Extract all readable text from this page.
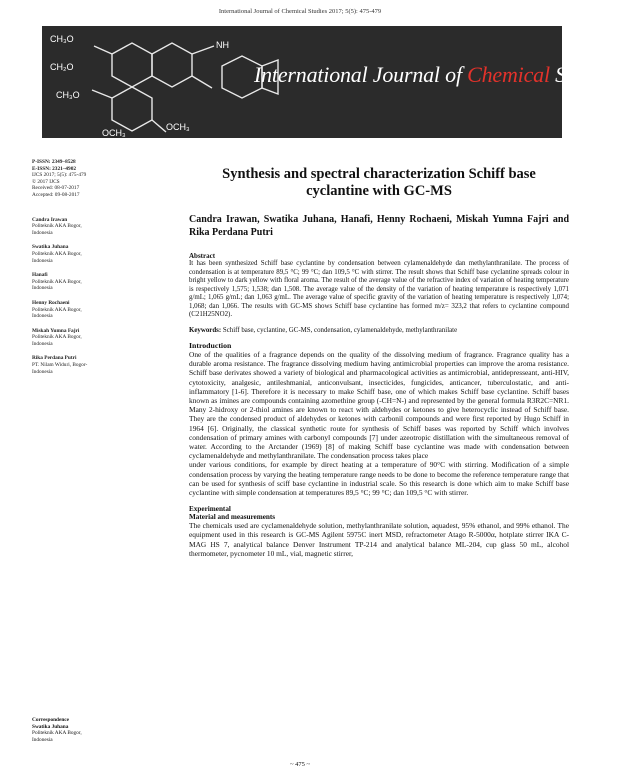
International Journal of Chemical Studies 2017; 5(5): 475-479
CH₃O
CH₂O
NH
OCH₃
CH₃O
OCH₃
International Journal of Chemical Studies
P-ISSN: 2349–8528
E-ISSN: 2321–4902
IJCS 2017; 5(5): 475-479
© 2017 IJCS
Received: 08-07-2017
Accepted: 09-08-2017
Candra Irawan
Politeknik AKA Bogor,
Indonesia
Swatika Juhana
Politeknik AKA Bogor,
Indonesia
Hanafi
Politeknik AKA Bogor,
Indonesia
Henny Rochaeni
Politeknik AKA Bogor,
Indonesia
Miskah Yumna Fajri
Politeknik AKA Bogor,
Indonesia
Rika Perdana Putri
PT. Nilam Widuri, Bogor-
Indonesia
Correspondence
Swatika Juhana
Politeknik AKA Bogor,
Indonesia
Synthesis and spectral characterization Schiff base cyclantine with GC-MS
Candra Irawan, Swatika Juhana, Hanafi, Henny Rochaeni, Miskah Yumna Fajri and Rika Perdana Putri
Abstract
It has been synthesized Schiff base cyclantine by condensation between cylamenaldehyde dan methylanthranilate. The process of condensation is at temperature 89,5 °C; 99 °C; dan 109,5 °C with stirrer. The result shows that Schiff base cyclantine spreads colour in bright yellow to dark yellow with floral aroma. The result of the average value of the refractive index of variation of heating temperature is respectively 1,575; 1,538; dan 1,508. The average value of the density of the variation of heating temperature is respectively 1,071 g/mL; 1,065 g/mL; dan 1,063 g/mL. The average value of specific gravity of the variation of heating temperature is respectively 1,074; 1,068; dan 1,066. The results with GC-MS shows Schiff base cyclantine has formed m/z= 323,2 that refers to cyclantine compound (C21H25NO2).
Keywords: Schiff base, cyclantine, GC-MS, condensation, cylamenaldehyde, methylanthranilate
Introduction
One of the qualities of a fragrance depends on the quality of the dissolving medium of fragrance. Fragrance quality has a durable aroma resistance. The fragrance dissolving medium having antimicrobial properties can improve the aroma resistance. Schiff base derivates showed a variety of biological and pharmacological activities as antimicrobial, antidepresseant, anti-HIV, cytotoxicity, analgesic, antileshmanial, anticonvulsant, insecticides, fungicides, anticancer, tuberculostatic, and anti-inflammatory [1-6]. Therefore it is necessary to make Schiff base, one of which makes Schiff base cyclantine. Schiff bases known as imines are compounds containing azomethine group (-CH=N-) and represented by the general formula R3R2C=NR1. Many 2-hidroxy or 2-thiol amines are known to react with aldehydes or ketones to give heterocyclic instead of Schiff base. They are the condensed product of aldehydes or ketones with carbonil compounds and were first reported by Hugo Schiff in 1964 [6]. Originally, the classical synthetic route for synthesis of Schiff bases was reported by Schiff which involves condensation of primary amines with carbonyl compounds [7] under azeotropic distillation with the simultaneous removal of water. According to the Arctander (1969) [8] of making Schiff base cyclantine was made with condensation between cyclamenaldehyde and methylanthranilate. The condensation process takes place
under various conditions, for example by direct heating at a temperature of 90°C with stirring. Modification of a simple condensation process by varying the heating temperature range needs to be done to become the reference temperature range that can be used for synthesis of sciff base cyclantine in industrial scale. So this research is done which aim to make Schiff base cyclantine with simple condensation at temperatures 89,5 °C; 99 °C; dan 109,5 °C with stirrer.
Experimental
Material and measurements
The chemicals used are cyclamenaldehyde solution, methylanthranilate solution, aquadest, 95% ethanol, and 99% ethanol. The equipment used in this research is GC-MS Agilent 5975C inert MSD, refractometer Atago R-5000α, hotplate stirrer IKA C-MAG HS 7, analytical balance Denver Instrument TP-214 and analytical balance ML-204, cup glass 50 mL, alcohol thermometer, pycnometer 10 mL, vial, magnetic stirrer,
~ 475 ~
